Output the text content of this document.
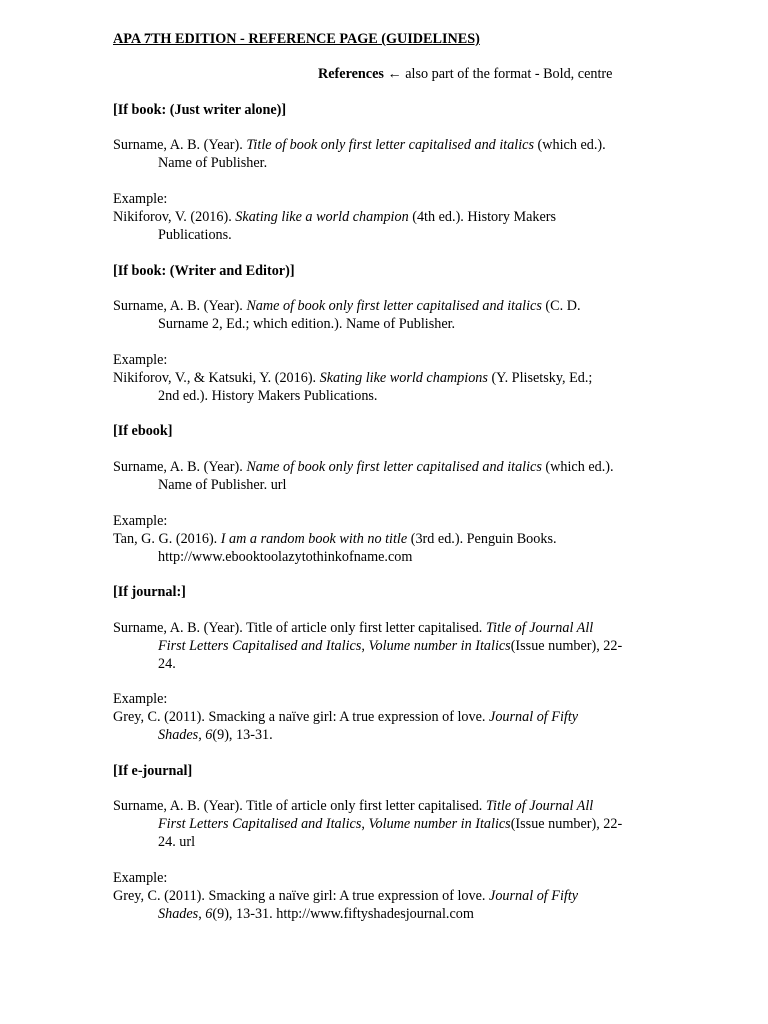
APA 7TH EDITION - REFERENCE PAGE (GUIDELINES)
References ← also part of the format - Bold, centre
[If book: (Just writer alone)]
Surname, A. B. (Year). Title of book only first letter capitalised and italics (which ed.).
Name of Publisher.
Example:
Nikiforov, V. (2016). Skating like a world champion (4th ed.). History Makers
Publications.
[If book: (Writer and Editor)]
Surname, A. B. (Year). Name of book only first letter capitalised and italics (C. D.
Surname 2, Ed.; which edition.). Name of Publisher.
Example:
Nikiforov, V., & Katsuki, Y. (2016). Skating like world champions (Y. Plisetsky, Ed.;
2nd ed.). History Makers Publications.
[If ebook]
Surname, A. B. (Year). Name of book only first letter capitalised and italics (which ed.).
Name of Publisher. url
Example:
Tan, G. G. (2016). I am a random book with no title (3rd ed.). Penguin Books.
http://www.ebooktoolazytothinkofname.com
[If journal:]
Surname, A. B. (Year). Title of article only first letter capitalised. Title of Journal All
First Letters Capitalised and Italics, Volume number in Italics(Issue number), 22-
24.
Example:
Grey, C. (2011). Smacking a naïve girl: A true expression of love. Journal of Fifty
Shades, 6(9), 13-31.
[If e-journal]
Surname, A. B. (Year). Title of article only first letter capitalised. Title of Journal All
First Letters Capitalised and Italics, Volume number in Italics(Issue number), 22-
24. url
Example:
Grey, C. (2011). Smacking a naïve girl: A true expression of love. Journal of Fifty
Shades, 6(9), 13-31. http://www.fiftyshadesjournal.com
